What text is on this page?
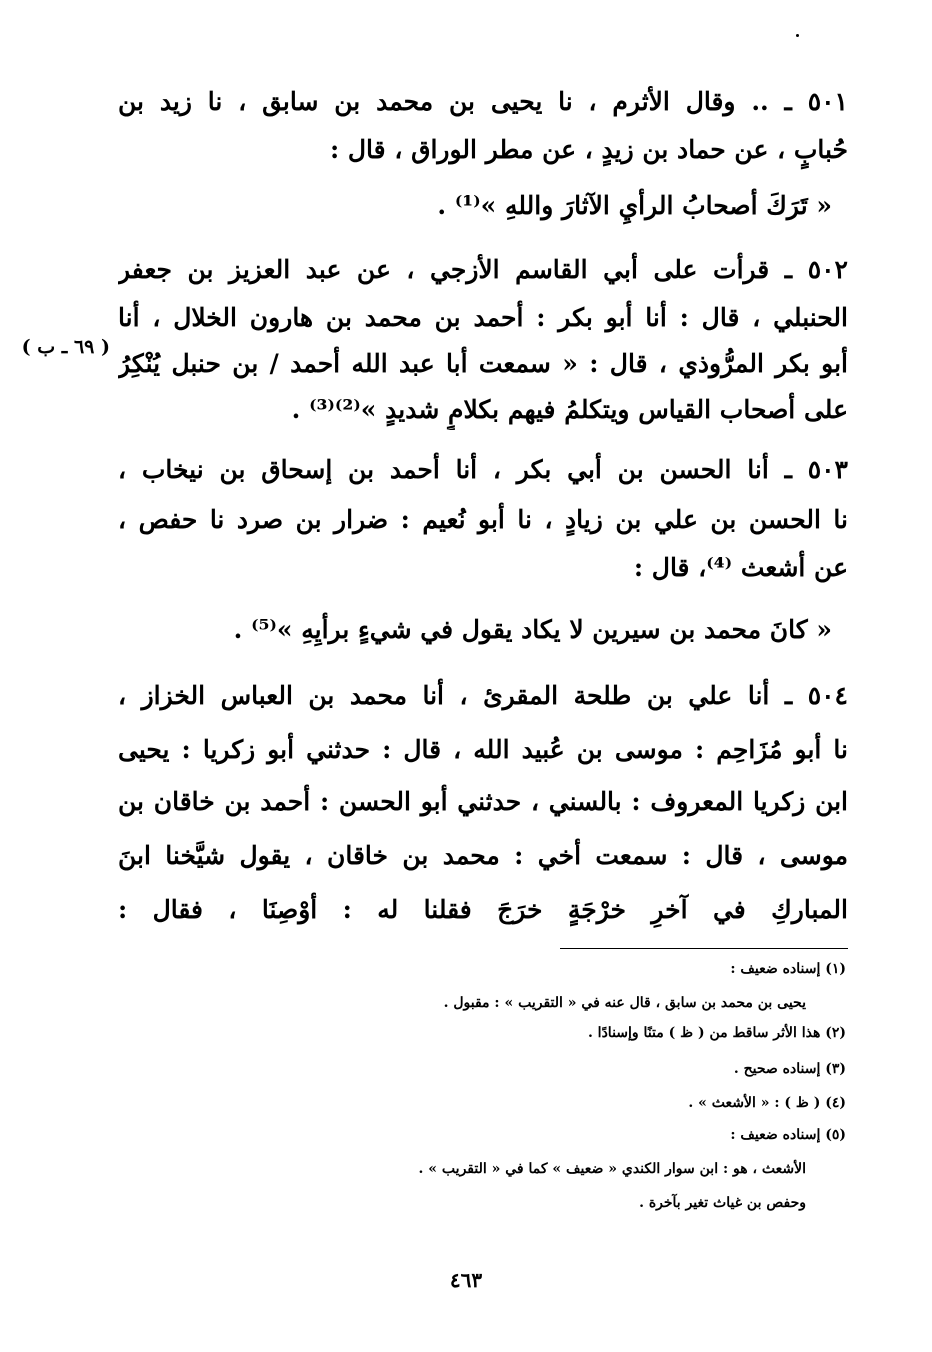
٥٠١ ـ .. وقال الأثرم ، نا يحيى بن محمد بن سابق ، نا زيد بن
حُبابٍ ، عن حماد بن زيدٍ ، عن مطر الوراق ، قال :
« تَرَكَ أصحابُ الرأيِ الآثارَ واللهِ »⁽¹⁾ .
٥٠٢ ـ قرأت على أبي القاسم الأزجي ، عن عبد العزيز بن جعفر
الحنبلي ، قال : أنا أبو بكر : أحمد بن محمد بن هارون الخلال ، أنا
أبو بكر المرُّوذي ، قال : « سمعت أبا عبد الله أحمد / بن حنبل يُنْكِرُ
على أصحاب القياس ويتكلمُ فيهم بكلامٍ شديدٍ »⁽²⁾⁽³⁾ .
( ٦٩ ـ ب )
٥٠٣ ـ أنا الحسن بن أبي بكر ، أنا أحمد بن إسحاق بن نيخاب ،
نا الحسن بن علي بن زيادٍ ، نا أبو نُعيم : ضرار بن صرد نا حفص ،
عن أشعث ⁽⁴⁾، قال :
« كانَ محمد بن سيرين لا يكاد يقول في شيءٍ برأيِهِ »⁽⁵⁾ .
٥٠٤ ـ أنا علي بن طلحة المقرئ ، أنا محمد بن العباس الخزاز ،
نا أبو مُزَاحِم : موسى بن عُبيد الله ، قال : حدثني أبو زكريا : يحيى
ابن زكريا المعروف : بالسني ، حدثني أبو الحسن : أحمد بن خاقان بن
موسى ، قال : سمعت أخي : محمد بن خاقان ، يقول شيَّخنا ابنَ
المباركِ في آخرِ خرْجَةٍ خرَجَ فقلنا له : أوْصِنَا ، فقال :
(١) إسناده ضعيف :
يحيى بن محمد بن سابق ، قال عنه في « التقريب » : مقبول .
(٢) هذا الأثر ساقط من ( ظ ) متنًا وإسنادًا .
(٣) إسناده صحيح .
(٤) ( ظ ) : « الأشعث » .
(٥) إسناده ضعيف :
الأشعث ، هو : ابن سوار الكندي « ضعيف » كما في « التقريب » .
وحفص بن غياث تغير بآخرة .
٤٦٣
